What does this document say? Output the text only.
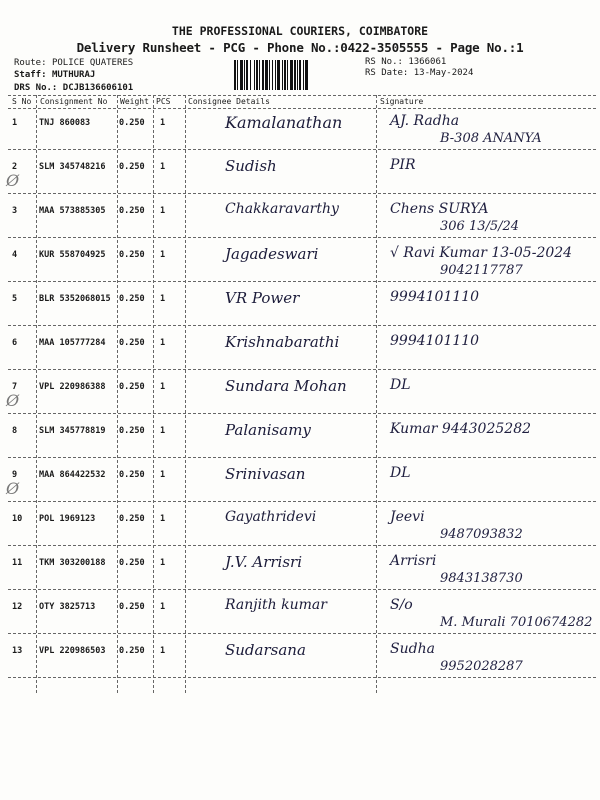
THE PROFESSIONAL COURIERS, COIMBATORE
Delivery Runsheet - PCG - Phone No.:0422-3505555 - Page No.:1
Route: POLICE QUATERES
Staff: MUTHURAJ
DRS No.: DCJB136606101
RS No.: 1366061
RS Date: 13-May-2024
S No Consignment No Weight PCS Consignee Details	Signature
1	TNJ 860083	0.250 1	Kamalanathan	AJ. Radha
B-308 ANANYA
2	SLM 345748216 0.250 1	Sudish	PIR
Ø
3	MAA 573885305 0.250 1	Chakkaravarthy	Chens SURYA
306 13/5/24
4	KUR 558704925 0.250 1	Jagadeswari	√ Ravi Kumar 13-05-2024
9042117787
5	BLR 5352068015 0.250 1	VR Power	9994101110
6	MAA 105777284 0.250 1	Krishnabarathi	9994101110
7	VPL 220986388 0.250 1	Sundara Mohan	DL
Ø
8	SLM 345778819 0.250 1	Palanisamy	Kumar 9443025282
9	MAA 864422532 0.250 1	Srinivasan	DL
Ø
10 POL 1969123	0.250 1	Gayathridevi	Jeevi
9487093832
11 TKM 303200188 0.250 1	J.V. Arrisri	Arrisri
9843138730
12 OTY 3825713	0.250 1	Ranjith kumar	S/o
M. Murali 7010674282
13 VPL 220986503 0.250 1	Sudarsana	Sudha
9952028287
